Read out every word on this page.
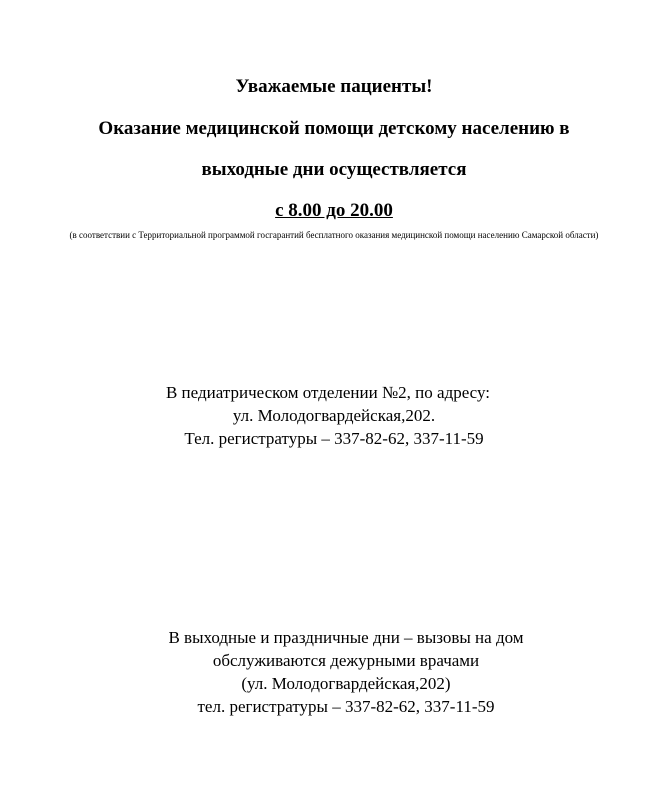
Уважаемые пациенты!
Оказание медицинской помощи детскому населению в
выходные дни осуществляется
с 8.00 до 20.00
(в соответствии с Территориальной программой госгарантий бесплатного оказания медицинской помощи населению Самарской области)
В педиатрическом отделении №2, по адресу:
ул. Молодогвардейская,202.
Тел. регистратуры – 337-82-62, 337-11-59
В выходные и праздничные дни – вызовы на дом
обслуживаются дежурными врачами
(ул. Молодогвардейская,202)
тел. регистратуры – 337-82-62, 337-11-59
